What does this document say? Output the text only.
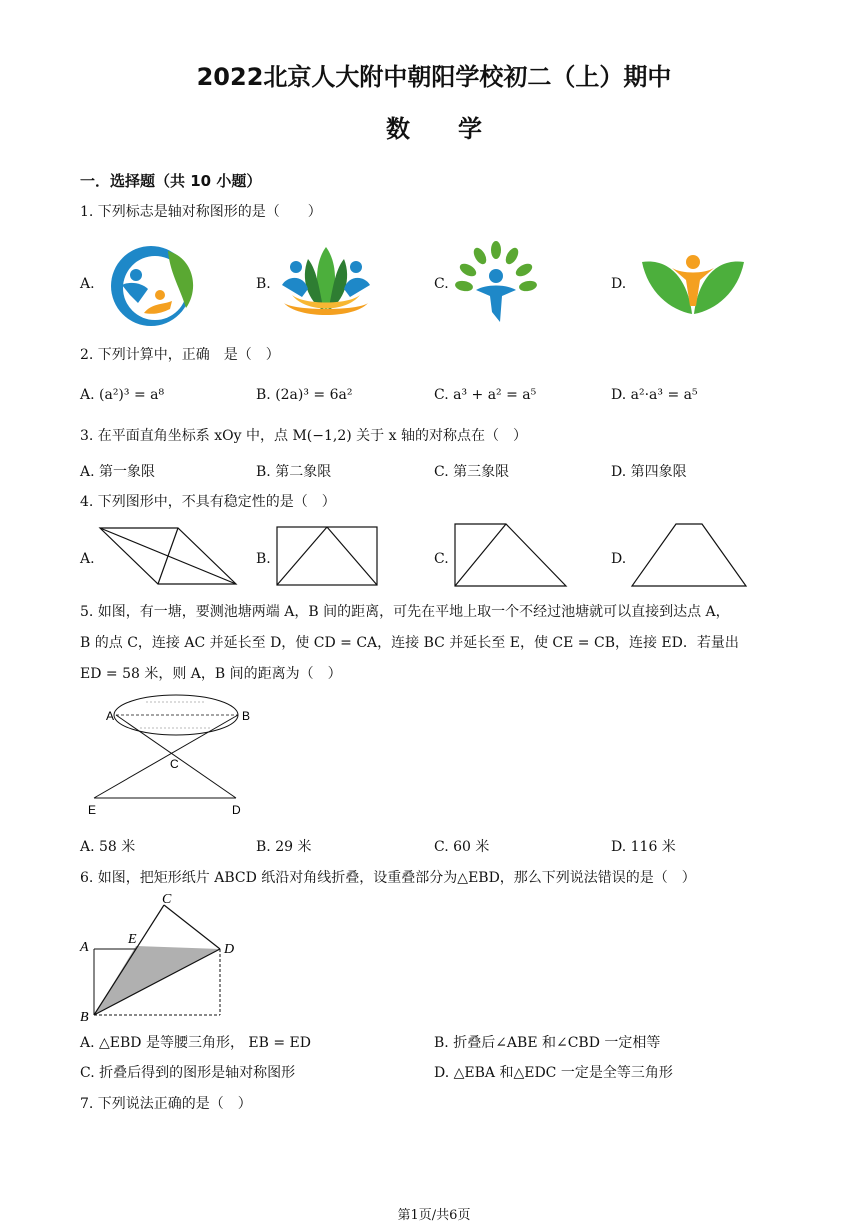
2022北京人大附中朝阳学校初二（上）期中
数　　学
一．选择题（共 10 小题）
1. 下列标志是轴对称图形的是（　　）
A.	B.	C.	D.
2. 下列计算中，正确　是（　）
A. (a²)³ = a⁸	B. (2a)³ = 6a²	C. a³ + a² = a⁵	D. a²·a³ = a⁵
3. 在平面直角坐标系 xOy 中，点 M(−1,2) 关于 x 轴的对称点在（　）
A. 第一象限	B. 第二象限	C. 第三象限	D. 第四象限
4. 下列图形中，不具有稳定性的是（　）
A.	B.	C.	D.
5. 如图，有一塘，要测池塘两端 A，B 间的距离，可先在平地上取一个不经过池塘就可以直接到达点 A，
B 的点 C，连接 AC 并延长至 D，使 CD = CA，连接 BC 并延长至 E，使 CE = CB，连接 ED．若量出
ED = 58 米，则 A，B 间的距离为（　）
A	B
C
E	D
A. 58 米	B. 29 米	C. 60 米	D. 116 米
6. 如图，把矩形纸片 ABCD 纸沿对角线折叠，设重叠部分为△EBD，那么下列说法错误的是（　）
C
A
E
D
B
A. △EBD 是等腰三角形， EB = ED	B. 折叠后∠ABE 和∠CBD 一定相等
C. 折叠后得到的图形是轴对称图形	D. △EBA 和△EDC 一定是全等三角形
7. 下列说法正确的是（　）
第1页/共6页
